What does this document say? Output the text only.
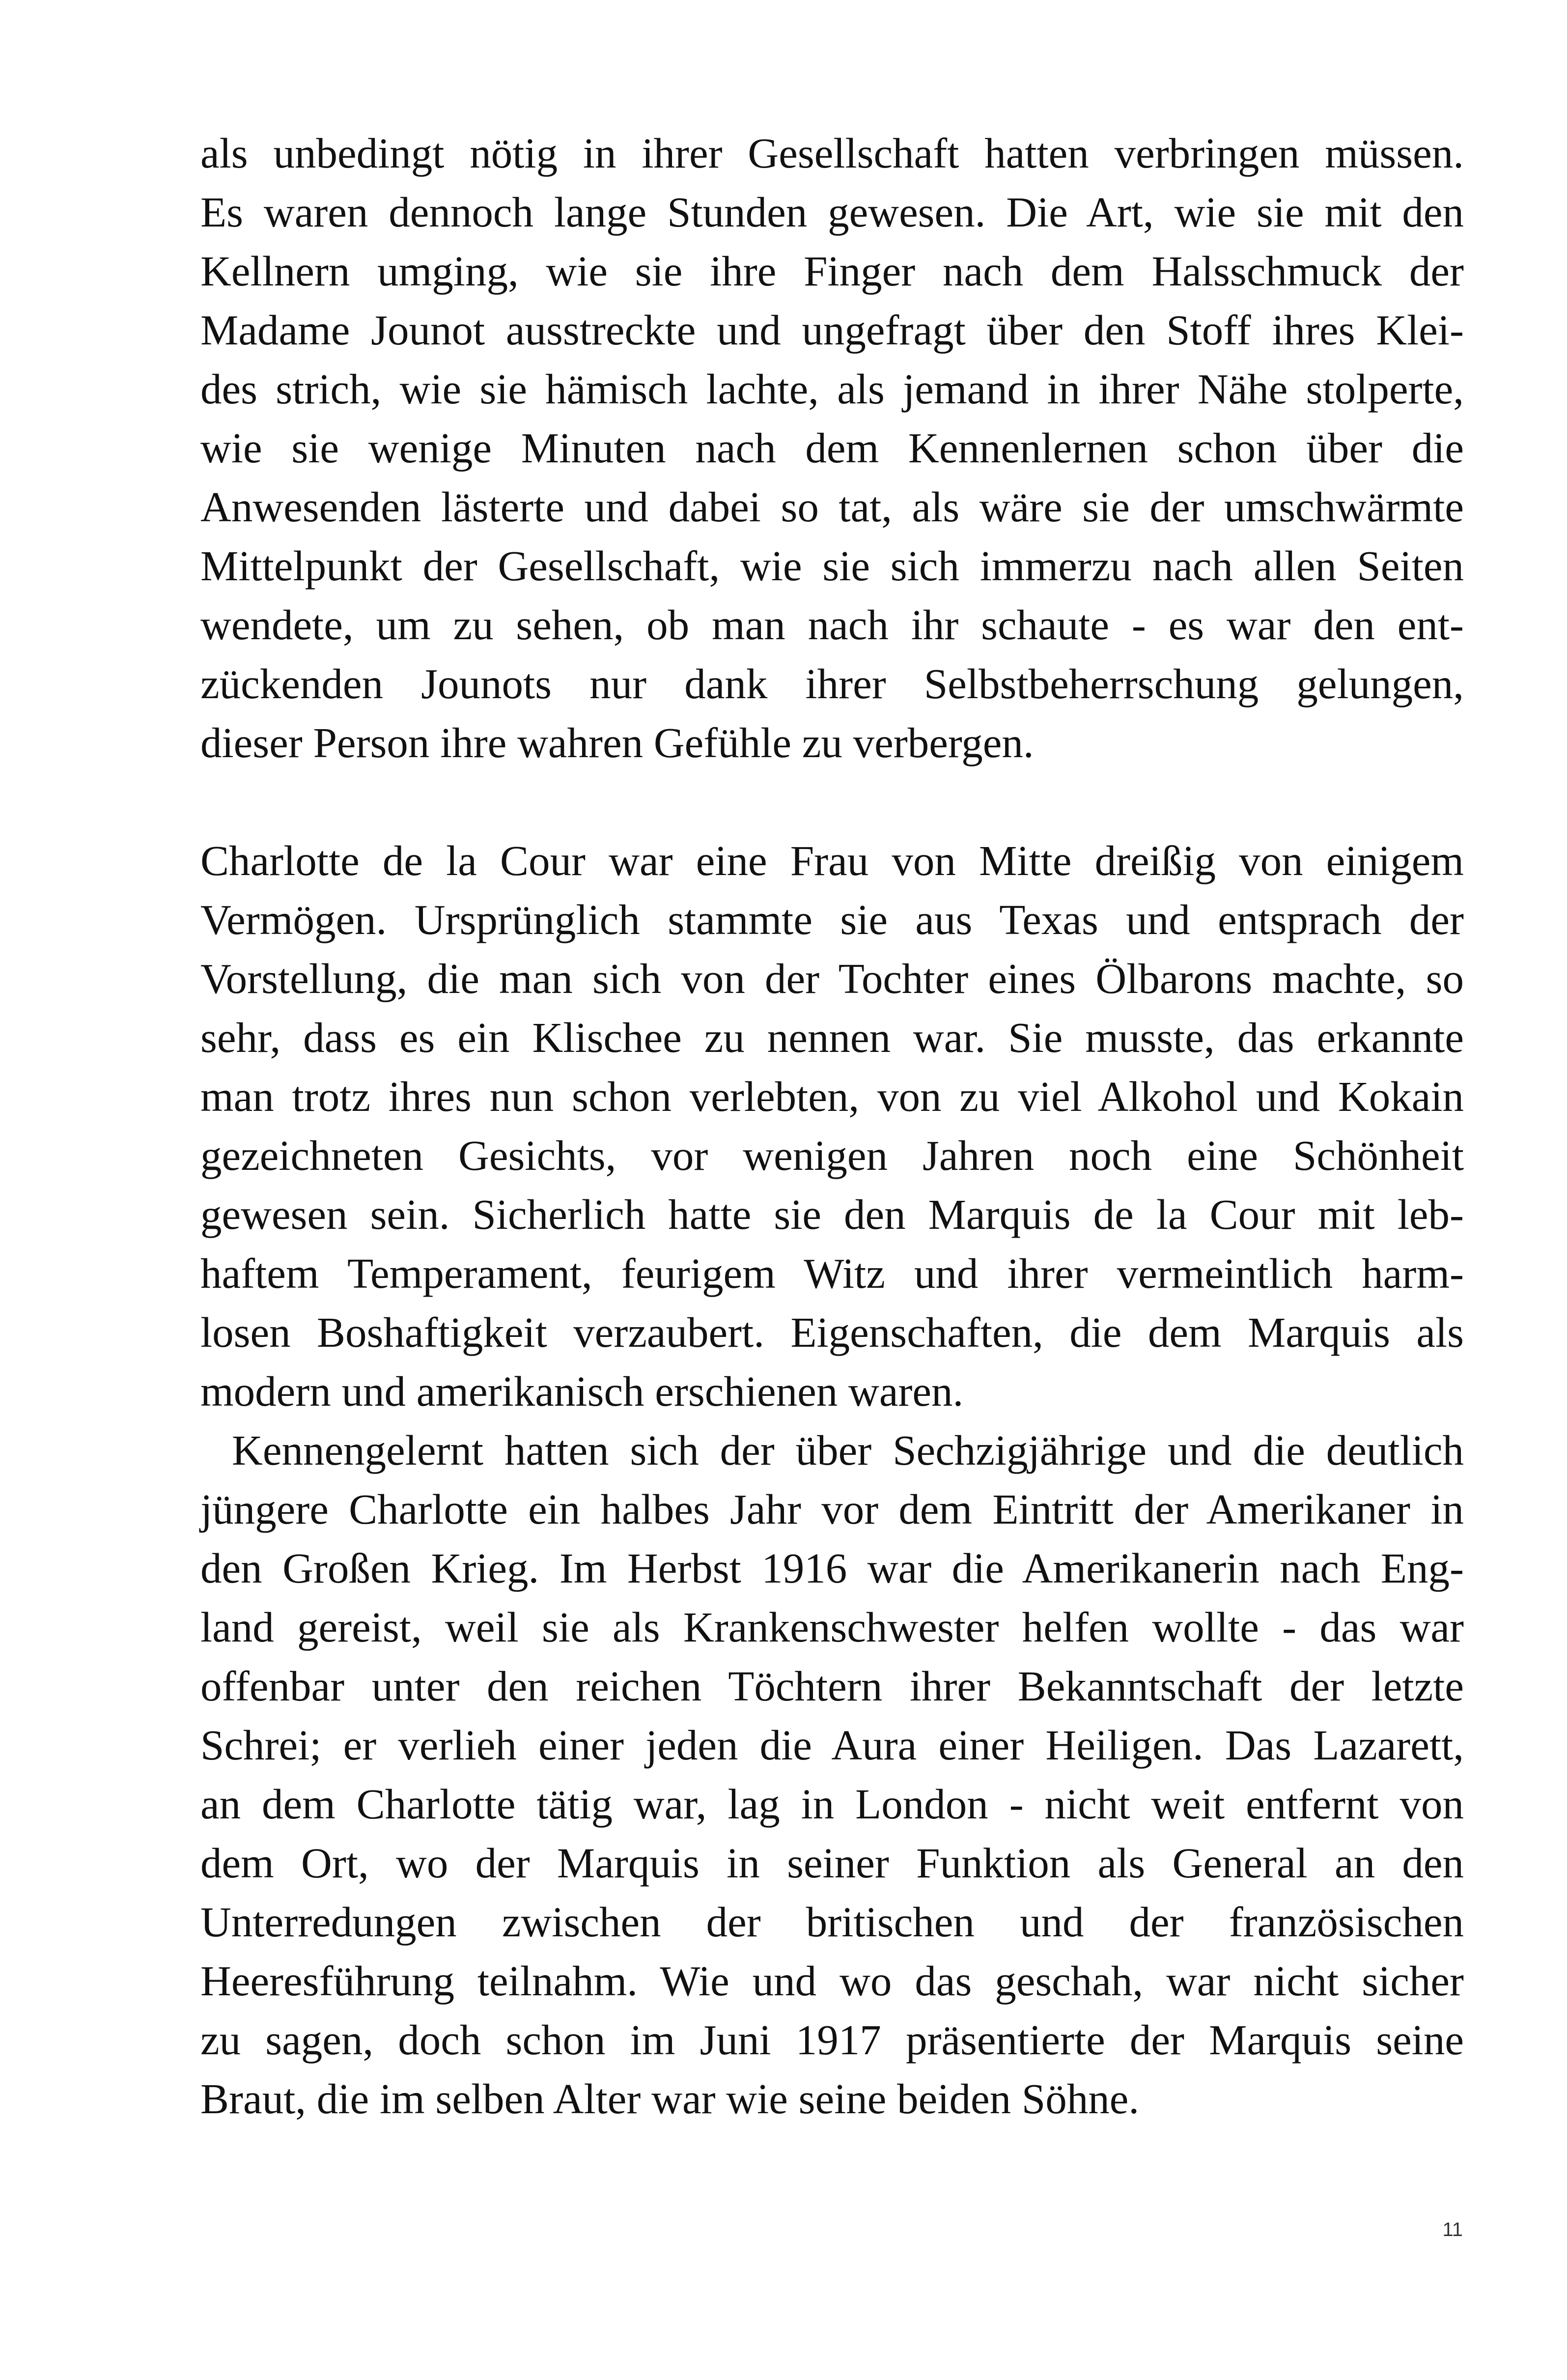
als unbedingt nötig in ihrer Gesellschaft hatten verbringen müssen.
Es waren dennoch lange Stunden gewesen. Die Art, wie sie mit den
Kellnern umging, wie sie ihre Finger nach dem Halsschmuck der
Madame Jounot ausstreckte und ungefragt über den Stoff ihres Klei-
des strich, wie sie hämisch lachte, als jemand in ihrer Nähe stolperte,
wie sie wenige Minuten nach dem Kennenlernen schon über die
Anwesenden lästerte und dabei so tat, als wäre sie der umschwärmte
Mittelpunkt der Gesellschaft, wie sie sich immerzu nach allen Seiten
wendete, um zu sehen, ob man nach ihr schaute - es war den ent-
zückenden Jounots nur dank ihrer Selbstbeherrschung gelungen,
dieser Person ihre wahren Gefühle zu verbergen.
Charlotte de la Cour war eine Frau von Mitte dreißig von einigem
Vermögen. Ursprünglich stammte sie aus Texas und entsprach der
Vorstellung, die man sich von der Tochter eines Ölbarons machte, so
sehr, dass es ein Klischee zu nennen war. Sie musste, das erkannte
man trotz ihres nun schon verlebten, von zu viel Alkohol und Kokain
gezeichneten Gesichts, vor wenigen Jahren noch eine Schönheit
gewesen sein. Sicherlich hatte sie den Marquis de la Cour mit leb-
haftem Temperament, feurigem Witz und ihrer vermeintlich harm-
losen Boshaftigkeit verzaubert. Eigenschaften, die dem Marquis als
modern und amerikanisch erschienen waren.
Kennengelernt hatten sich der über Sechzigjährige und die deutlich
jüngere Charlotte ein halbes Jahr vor dem Eintritt der Amerikaner in
den Großen Krieg. Im Herbst 1916 war die Amerikanerin nach Eng-
land gereist, weil sie als Krankenschwester helfen wollte - das war
offenbar unter den reichen Töchtern ihrer Bekanntschaft der letzte
Schrei; er verlieh einer jeden die Aura einer Heiligen. Das Lazarett,
an dem Charlotte tätig war, lag in London - nicht weit entfernt von
dem Ort, wo der Marquis in seiner Funktion als General an den
Unterredungen zwischen der britischen und der französischen
Heeresführung teilnahm. Wie und wo das geschah, war nicht sicher
zu sagen, doch schon im Juni 1917 präsentierte der Marquis seine
Braut, die im selben Alter war wie seine beiden Söhne.
11
